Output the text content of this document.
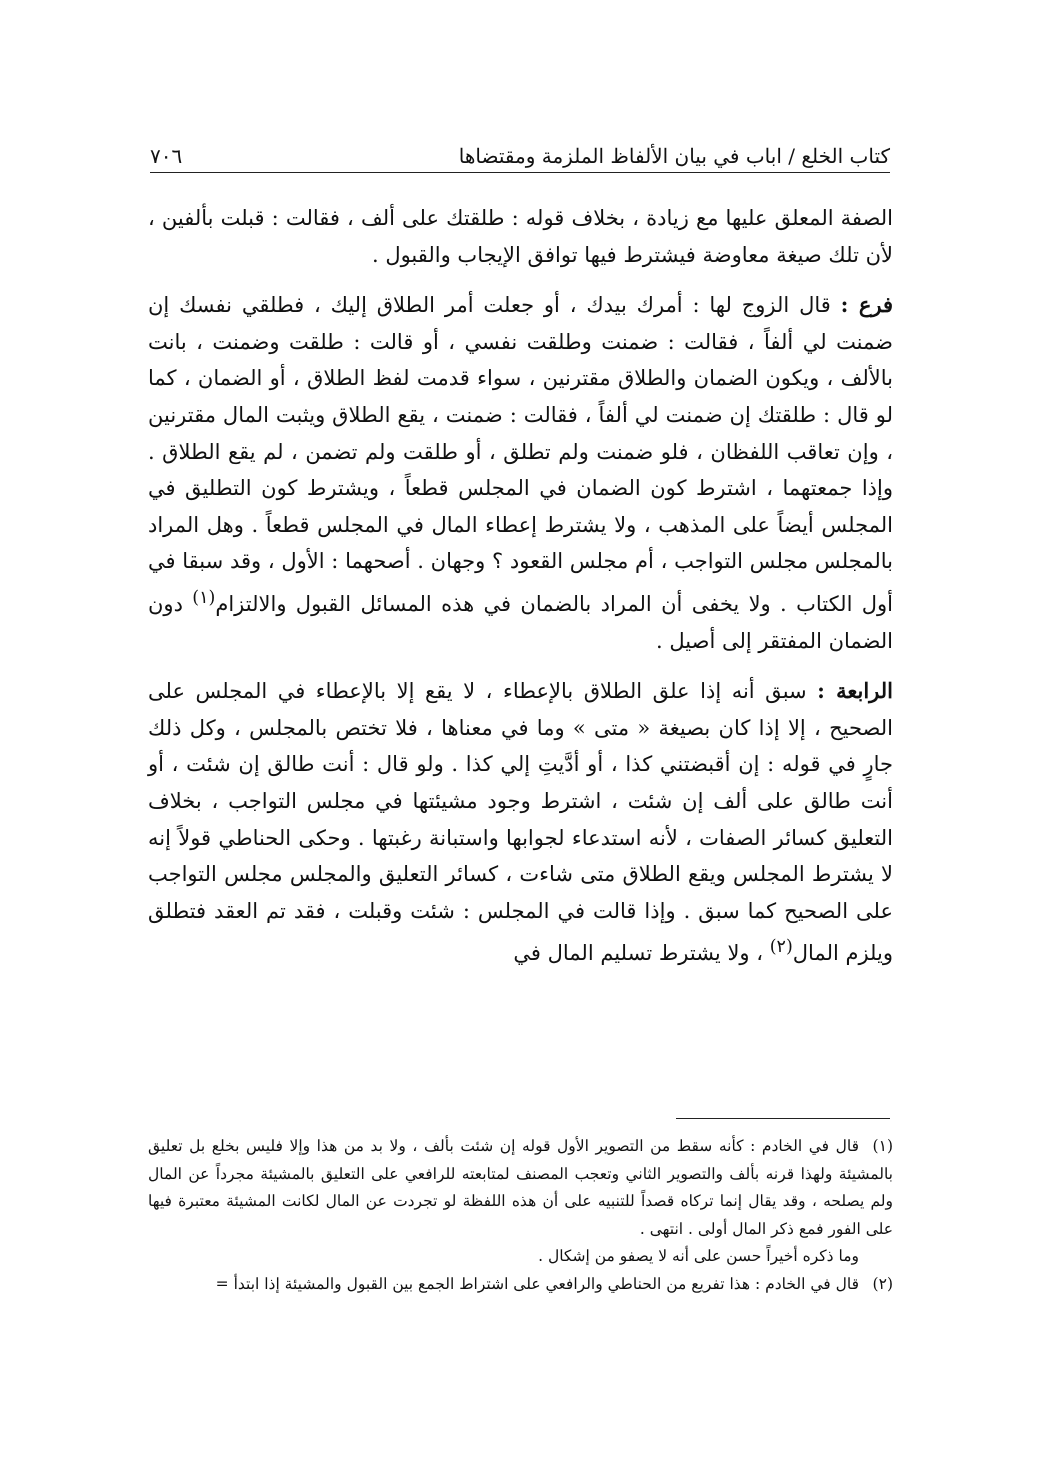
كتاب الخلع / اباب في بيان الألفاظ الملزمة ومقتضاها
٧٠٦

الصفة المعلق عليها مع زيادة ، بخلاف قوله : طلقتك على ألف ، فقالت : قبلت بألفين ، لأن تلك صيغة معاوضة فيشترط فيها توافق الإيجاب والقبول .

فرع : قال الزوج لها : أمرك بيدك ، أو جعلت أمر الطلاق إليك ، فطلقي نفسك إن ضمنت لي ألفاً ، فقالت : ضمنت وطلقت نفسي ، أو قالت : طلقت وضمنت ، بانت بالألف ، ويكون الضمان والطلاق مقترنين ، سواء قدمت لفظ الطلاق ، أو الضمان ، كما لو قال : طلقتك إن ضمنت لي ألفاً ، فقالت : ضمنت ، يقع الطلاق ويثبت المال مقترنين ، وإن تعاقب اللفظان ، فلو ضمنت ولم تطلق ، أو طلقت ولم تضمن ، لم يقع الطلاق . وإذا جمعتهما ، اشترط كون الضمان في المجلس قطعاً ، ويشترط كون التطليق في المجلس أيضاً على المذهب ، ولا يشترط إعطاء المال في المجلس قطعاً . وهل المراد بالمجلس مجلس التواجب ، أم مجلس القعود ؟ وجهان . أصحهما : الأول ، وقد سبقا في أول الكتاب . ولا يخفى أن المراد بالضمان في هذه المسائل القبول والالتزام$^{(١)}$ دون الضمان المفتقر إلى أصيل .

الرابعة : سبق أنه إذا علق الطلاق بالإعطاء ، لا يقع إلا بالإعطاء في المجلس على الصحيح ، إلا إذا كان بصيغة « متى » وما في معناها ، فلا تختص بالمجلس ، وكل ذلك جارٍ في قوله : إن أقبضتني كذا ، أو أدَّيتِ إلي كذا . ولو قال : أنت طالق إن شئت ، أو أنت طالق على ألف إن شئت ، اشترط وجود مشيئتها في مجلس التواجب ، بخلاف التعليق كسائر الصفات ، لأنه استدعاء لجوابها واستبانة رغبتها . وحكى الحناطي قولاً إنه لا يشترط المجلس ويقع الطلاق متى شاءت ، كسائر التعليق والمجلس مجلس التواجب على الصحيح كما سبق . وإذا قالت في المجلس : شئت وقبلت ، فقد تم العقد فتطلق ويلزم المال$^{(٢)}$ ، ولا يشترط تسليم المال في

(١)قال في الخادم : كأنه سقط من التصوير الأول قوله إن شئت بألف ، ولا بد من هذا وإلا فليس بخلع بل تعليق بالمشيئة ولهذا قرنه بألف والتصوير الثاني وتعجب المصنف لمتابعته للرافعي على التعليق بالمشيئة مجرداً عن المال ولم يصلحه ، وقد يقال إنما تركاه قصداً للتنبيه على أن هذه اللفظة لو تجردت عن المال لكانت المشيئة معتبرة فيها على الفور فمع ذكر المال أولى . انتهى .

وما ذكره أخيراً حسن على أنه لا يصفو من إشكال .

(٢)قال في الخادم : هذا تفريع من الحناطي والرافعي على اشتراط الجمع بين القبول والمشيئة إذا ابتدأ =
